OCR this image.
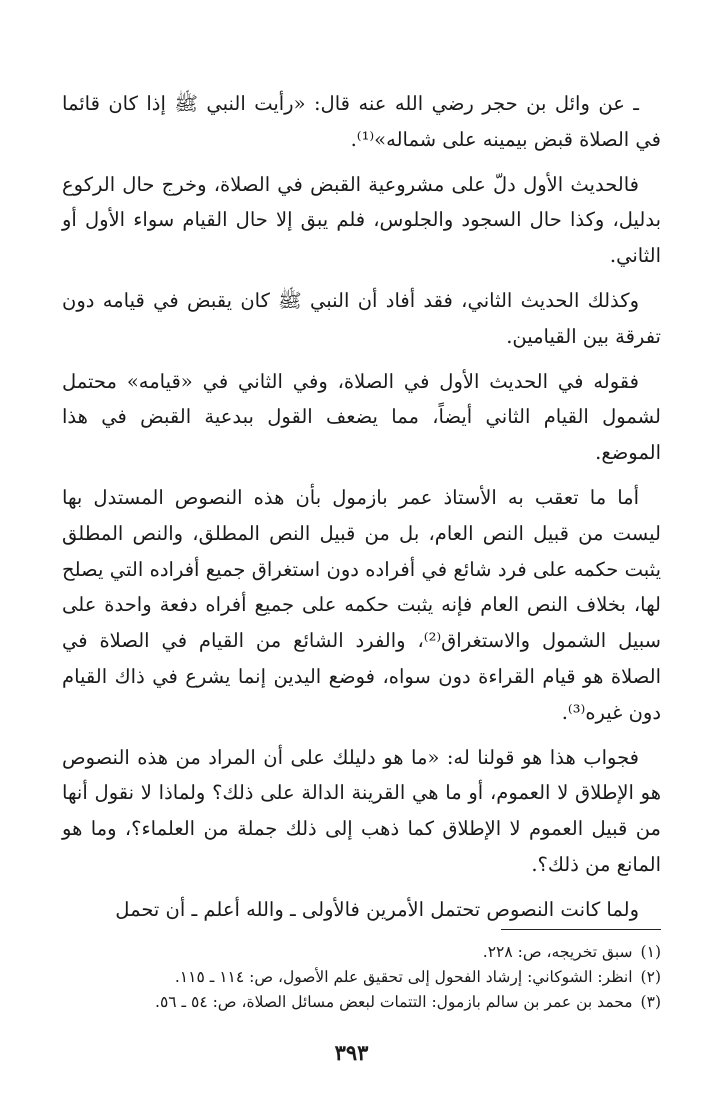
ـ عن وائل بن حجر رضي الله عنه قال: «رأيت النبي ﷺ إذا كان قائما في الصلاة قبض بيمينه على شماله»⁽¹⁾.

فالحديث الأول دلّ على مشروعية القبض في الصلاة، وخرج حال الركوع بدليل، وكذا حال السجود والجلوس، فلم يبق إلا حال القيام سواء الأول أو الثاني.

وكذلك الحديث الثاني، فقد أفاد أن النبي ﷺ كان يقبض في قيامه دون تفرقة بين القيامين.

فقوله في الحديث الأول في الصلاة، وفي الثاني في «قيامه» محتمل لشمول القيام الثاني أيضاً، مما يضعف القول ببدعية القبض في هذا الموضع.

أما ما تعقب به الأستاذ عمر بازمول بأن هذه النصوص المستدل بها ليست من قبيل النص العام، بل من قبيل النص المطلق، والنص المطلق يثبت حكمه على فرد شائع في أفراده دون استغراق جميع أفراده التي يصلح لها، بخلاف النص العام فإنه يثبت حكمه على جميع أفراه دفعة واحدة على سبيل الشمول والاستغراق⁽²⁾، والفرد الشائع من القيام في الصلاة في الصلاة هو قيام القراءة دون سواه، فوضع اليدين إنما يشرع في ذاك القيام دون غيره⁽³⁾.

فجواب هذا هو قولنا له: «ما هو دليلك على أن المراد من هذه النصوص هو الإطلاق لا العموم، أو ما هي القرينة الدالة على ذلك؟ ولماذا لا نقول أنها من قبيل العموم لا الإطلاق كما ذهب إلى ذلك جملة من العلماء؟، وما هو المانع من ذلك؟.

ولما كانت النصوص تحتمل الأمرين فالأولى ـ والله أعلم ـ أن تحمل

(١)سبق تخريجه، ص: ٢٢٨.

(٢)انظر: الشوكاني: إرشاد الفحول إلى تحقيق علم الأصول، ص: ١١٤ ـ ١١٥.

(٣)محمد بن عمر بن سالم بازمول: التتمات لبعض مسائل الصلاة، ص: ٥٤ ـ ٥٦.

٣٩٣
